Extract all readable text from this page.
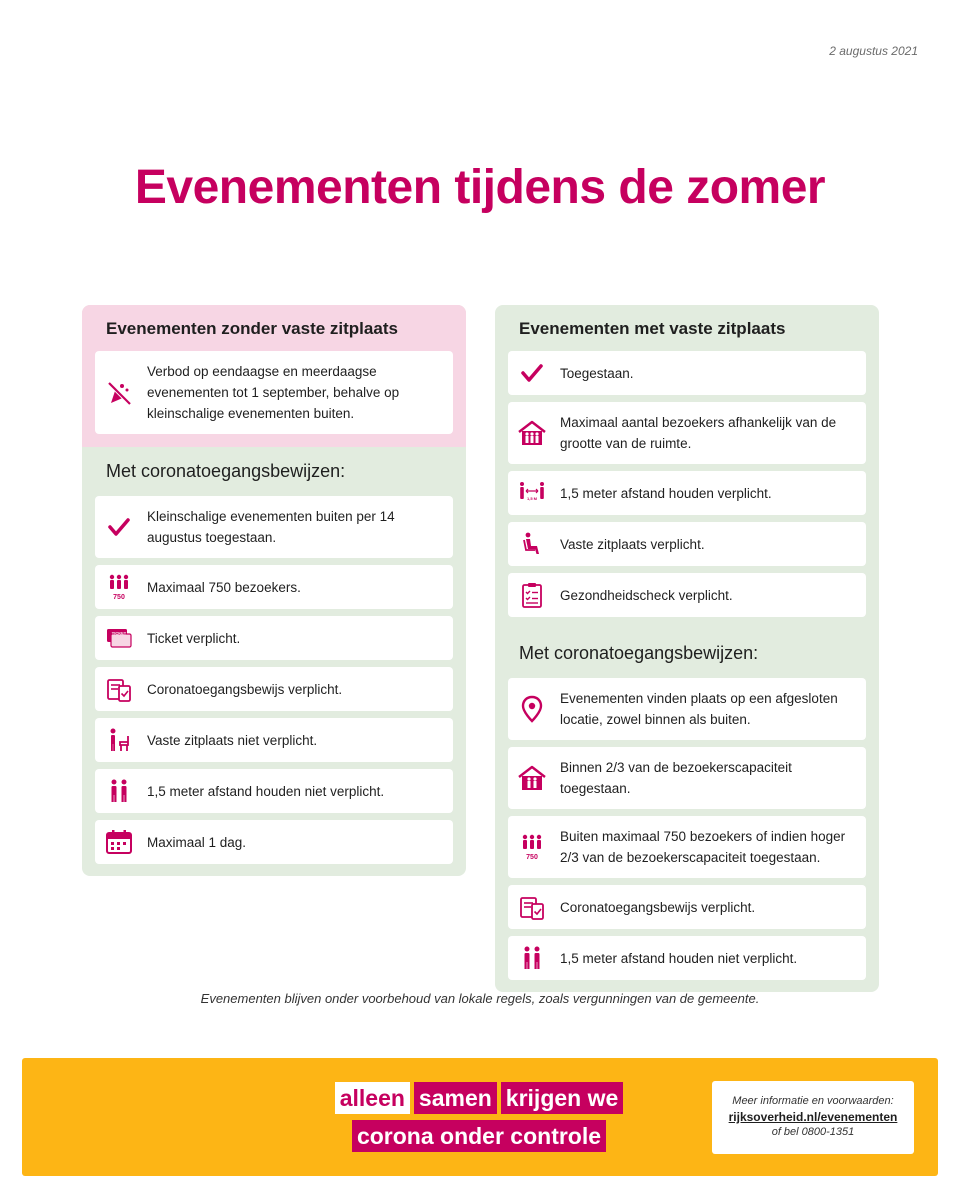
2 augustus 2021
Evenementen tijdens de zomer
Evenementen zonder vaste zitplaats
Verbod op eendaagse en meerdaagse evenementen tot 1 september, behalve op kleinschalige evenementen buiten.
Met coronatoegangsbewijzen:
Kleinschalige evenementen buiten per 14 augustus toegestaan.
750
Maximaal 750 bezoekers.
TICKET Ticket verplicht.
Coronatoegangsbewijs verplicht.
Vaste zitplaats niet verplicht.
1,5 meter afstand houden niet verplicht.
Maximaal 1 dag.
Evenementen met vaste zitplaats
Toegestaan.
Maximaal aantal bezoekers afhankelijk van de grootte van de ruimte.
1,5 M 1,5 meter afstand houden verplicht.
Vaste zitplaats verplicht.
Gezondheidscheck verplicht.
Met coronatoegangsbewijzen:
Evenementen vinden plaats op een afgesloten locatie, zowel binnen als buiten.
Binnen 2/3 van de bezoekerscapaciteit toegestaan.
750
Buiten maximaal 750 bezoekers of indien hoger 2/3 van de bezoekerscapaciteit toegestaan.
Coronatoegangsbewijs verplicht.
1,5 meter afstand houden niet verplicht.
Evenementen blijven onder voorbehoud van lokale regels, zoals vergunningen van de gemeente.
alleen samen krijgen we
corona onder controle
Meer informatie en voorwaarden:
rijksoverheid.nl/evenementen
of bel 0800-1351
